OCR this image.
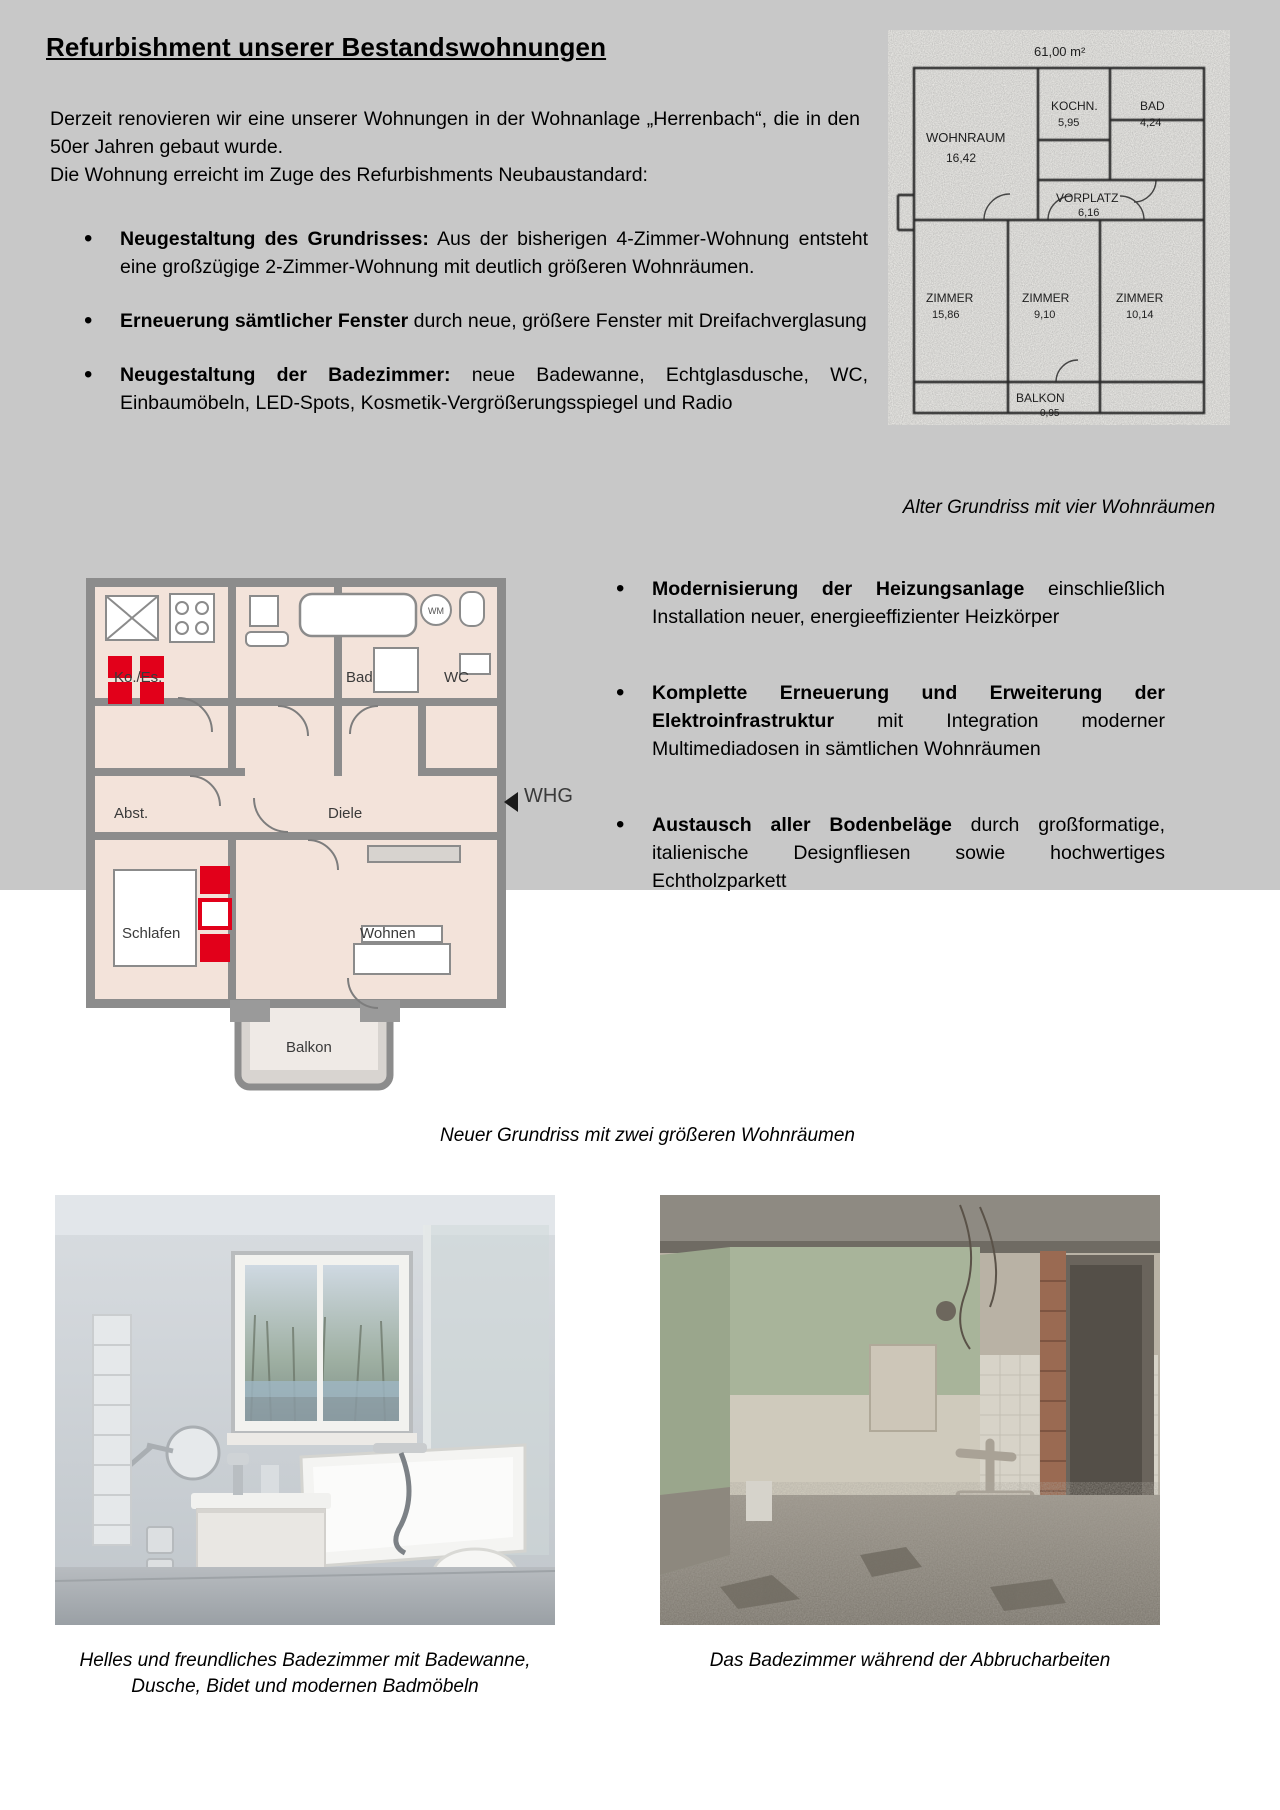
Refurbishment unserer Bestandswohnungen

Derzeit renovieren wir eine unserer Wohnungen in der Wohnanlage „Herrenbach“, die in den 50er Jahren gebaut wurde.

Die Wohnung erreicht im Zuge des Refurbishments Neubaustandard:

•	Neugestaltung des Grundrisses: Aus der bisherigen 4-Zimmer-Wohnung entsteht eine großzügige 2-Zimmer-Wohnung mit deutlich größeren Wohnräumen.
•	Erneuerung sämtlicher Fenster durch neue, größere Fenster mit Dreifachverglasung
•	Neugestaltung der Badezimmer: neue Badewanne, Echtglasdusche, WC, Einbaumöbeln, LED-Spots, Kosmetik-Vergrößerungsspiegel und Radio
•	Modernisierung der Heizungsanlage einschließlich Installation neuer, energieeffizienter Heizkörper
•	Komplette Erneuerung und Erweiterung der Elektroinfrastruktur mit Integration moderner Multimediadosen in sämtlichen Wohnräumen
•	Austausch aller Bodenbeläge durch großformatige, italienische Designfliesen sowie hochwertiges Echtholzparkett
61,00 m²
WOHNRAUM
16,42
KOCHN.
5,95
BAD
4,24
VORPLATZ
6,16
ZIMMER
15,86
ZIMMER
9,10
ZIMMER
10,14
BALKON
0,95
Alter Grundriss mit vier Wohnräumen
WM
Ko./Es.	Bad	WC
Abst.	Diele
Schlafen	Wohnen
Balkon
WHG
Neuer Grundriss mit zwei größeren Wohnräumen
Helles und freundliches Badezimmer mit Badewanne, Dusche, Bidet und modernen Badmöbeln
Das Badezimmer während der Abbrucharbeiten
